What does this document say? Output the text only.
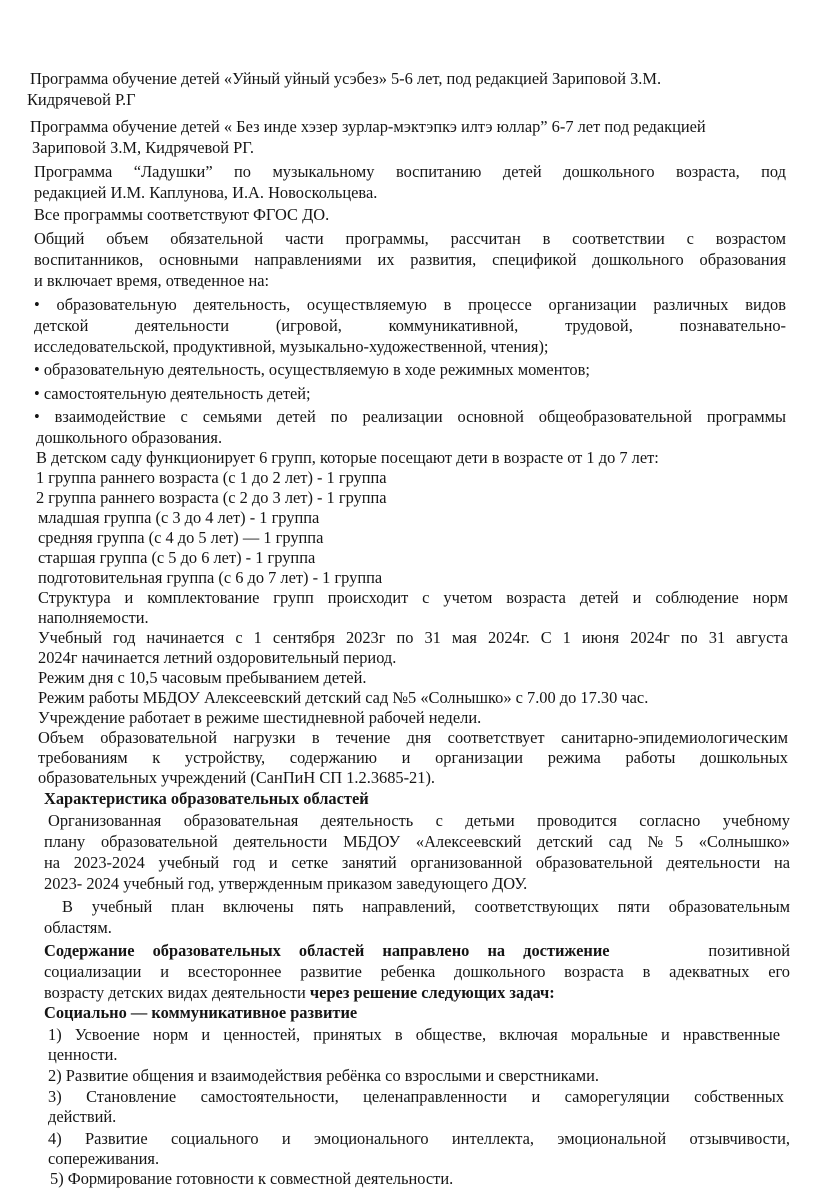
Программа обучение детей «Уйный уйный усэбез» 5-6 лет, под редакцией Зариповой З.М.
Кидрячевой Р.Г
Программа обучение детей « Без инде хэзер зурлар-мэктэпкэ илтэ юллар” 6-7 лет под редакцией
Зариповой З.М, Кидрячевой РГ.
Программа “Ладушки” по музыкальному воспитанию детей дошкольного возраста, под
редакцией И.М. Каплунова, И.А. Новоскольцева.
Все программы соответствуют ФГОС ДО.
Общий объем обязательной части программы, рассчитан в соответствии с возрастом
воспитанников, основными направлениями их развития, спецификой дошкольного образования
и включает время, отведенное на:
• образовательную деятельность, осуществляемую в процессе организации различных видов
детской деятельности (игровой, коммуникативной, трудовой, познавательно-
исследовательской, продуктивной, музыкально-художественной, чтения);
• образовательную деятельность, осуществляемую в ходе режимных моментов;
• самостоятельную деятельность детей;
• взаимодействие с семьями детей по реализации основной общеобразовательной программы
дошкольного образования.
В детском саду функционирует 6 групп, которые посещают дети в возрасте от 1 до 7 лет:
1 группа раннего возраста (с 1 до 2 лет) - 1 группа
2 группа раннего возраста (с 2 до 3 лет) - 1 группа
младшая группа (с 3 до 4 лет) - 1 группа
средняя группа (с 4 до 5 лет) — 1 группа
старшая группа (с 5 до 6 лет) - 1 группа
подготовительная группа (с 6 до 7 лет) - 1 группа
Структура и комплектование групп происходит с учетом возраста детей и соблюдение норм
наполняемости.
Учебный год начинается с 1 сентября 2023г по 31 мая 2024г. С 1 июня 2024г по 31 августа
2024г начинается летний оздоровительный период.
Режим дня с 10,5 часовым пребыванием детей.
Режим работы МБДОУ Алексеевский детский сад №5 «Солнышко» с 7.00 до 17.30 час.
Учреждение работает в режиме шестидневной рабочей недели.
Объем образовательной нагрузки в течение дня соответствует санитарно-эпидемиологическим
требованиям к устройству, содержанию и организации режима работы дошкольных
образовательных учреждений (СанПиН СП 1.2.3685-21).
Характеристика образовательных областей
Организованная образовательная деятельность с детьми проводится согласно учебному
плану образовательной деятельности МБДОУ «Алексеевский детский сад №5 «Солнышко»
на 2023-2024 учебный год и сетке занятий организованной образовательной деятельности на
2023- 2024 учебный год, утвержденным приказом заведующего ДОУ.
В учебный план включены пять направлений, соответствующих пяти образовательным
областям.
Содержание образовательных областей направлено на достижение	позитивной
социализации и всестороннее развитие ребенка дошкольного возраста в адекватных его
возрасту детских видах деятельности через решение следующих задач:
Социально — коммуникативное развитие
1) Усвоение норм и ценностей, принятых в обществе, включая моральные и нравственные
ценности.
2) Развитие общения и взаимодействия ребёнка со взрослыми и сверстниками.
3) Становление самостоятельности, целенаправленности и саморегуляции собственных
действий.
4) Развитие социального и эмоционального интеллекта, эмоциональной отзывчивости,
сопереживания.
5) Формирование готовности к совместной деятельности.
